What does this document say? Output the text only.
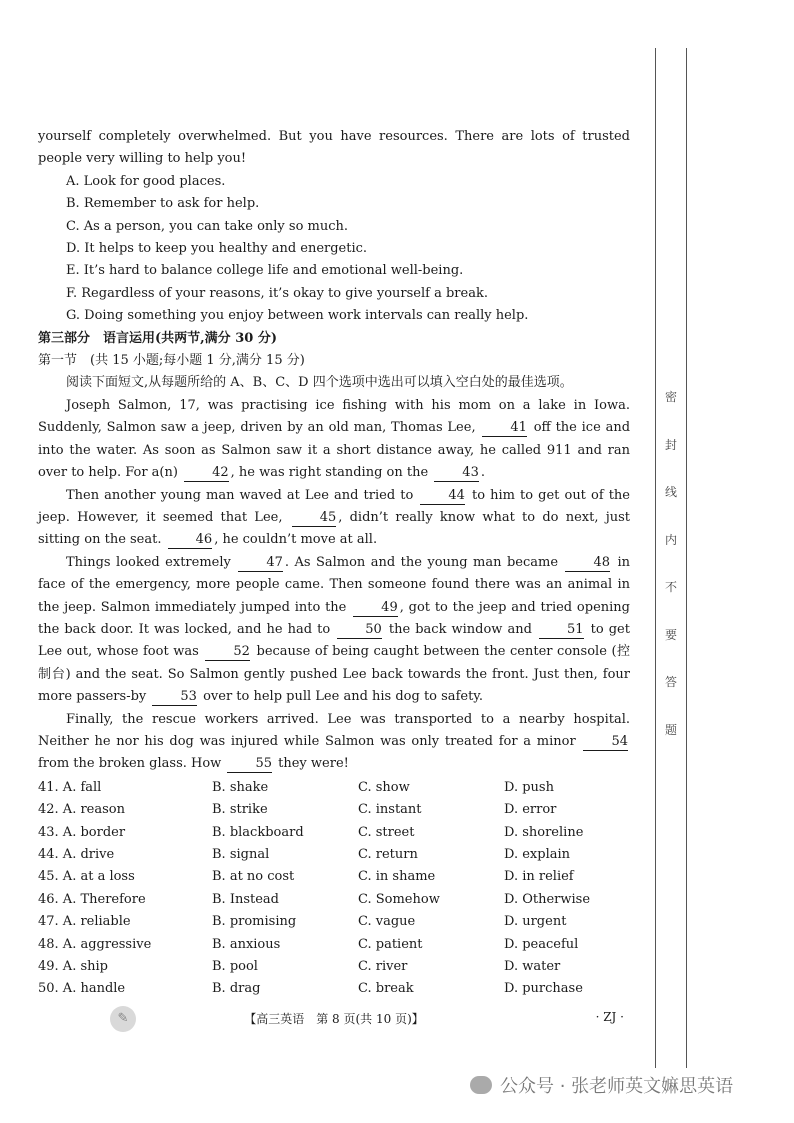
密
封
线
内
不
要
答
题

yourself completely overwhelmed. But you have resources. There are lots of trusted people very willing to help you!

A. Look for good places.

B. Remember to ask for help.

C. As a person, you can take only so much.

D. It helps to keep you healthy and energetic.

E. It’s hard to balance college life and emotional well-being.

F. Regardless of your reasons, it’s okay to give yourself a break.

G. Doing something you enjoy between work intervals can really help.

第三部分　语言运用(共两节,满分 30 分)

第一节　(共 15 小题;每小题 1 分,满分 15 分)

阅读下面短文,从每题所给的 A、B、C、D 四个选项中选出可以填入空白处的最佳选项。

Joseph Salmon, 17, was practising ice fishing with his mom on a lake in Iowa. Suddenly, Salmon saw a jeep, driven by an old man, Thomas Lee,	41 off the ice and into the water. As soon as Salmon saw it a short distance away, he called 911 and ran over to help. For a(n)	42 , he was right standing on the	43 .

Then another young man waved at Lee and tried to	44 to him to get out of the jeep. However, it seemed that Lee,	45 , didn’t really know what to do next, just sitting on the seat.	46 , he couldn’t move at all.

Things looked extremely	47 . As Salmon and the young man became	48 in face of the emergency, more people came. Then someone found there was an animal in the jeep. Salmon immediately jumped into the	49 , got to the jeep and tried opening the back door. It was locked, and he had to	50 the back window and	51 to get Lee out, whose foot was	52 because of being caught between the center console (控制台) and the seat. So Salmon gently pushed Lee back towards the front. Just then, four more passers-by	53 over to help pull Lee and his dog to safety.

Finally, the rescue workers arrived. Lee was transported to a nearby hospital. Neither he nor his dog was injured while Salmon was only treated for a minor	54 from the broken glass. How	55 they were!

41. A. fall	B. shake	C. show	D. push
42. A. reason	B. strike	C. instant	D. error
43. A. border	B. blackboard	C. street	D. shoreline
44. A. drive	B. signal	C. return	D. explain
45. A. at a loss	B. at no cost	C. in shame	D. in relief
46. A. Therefore	B. Instead	C. Somehow	D. Otherwise
47. A. reliable	B. promising	C. vague	D. urgent
48. A. aggressive	B. anxious	C. patient	D. peaceful
49. A. ship	B. pool	C. river	D. water
50. A. handle	B. drag	C. break	D. purchase
✎	【高三英语　第 8 页(共 10 页)】	· ZJ ·
公众号 · 张老师英文嫲思英语
